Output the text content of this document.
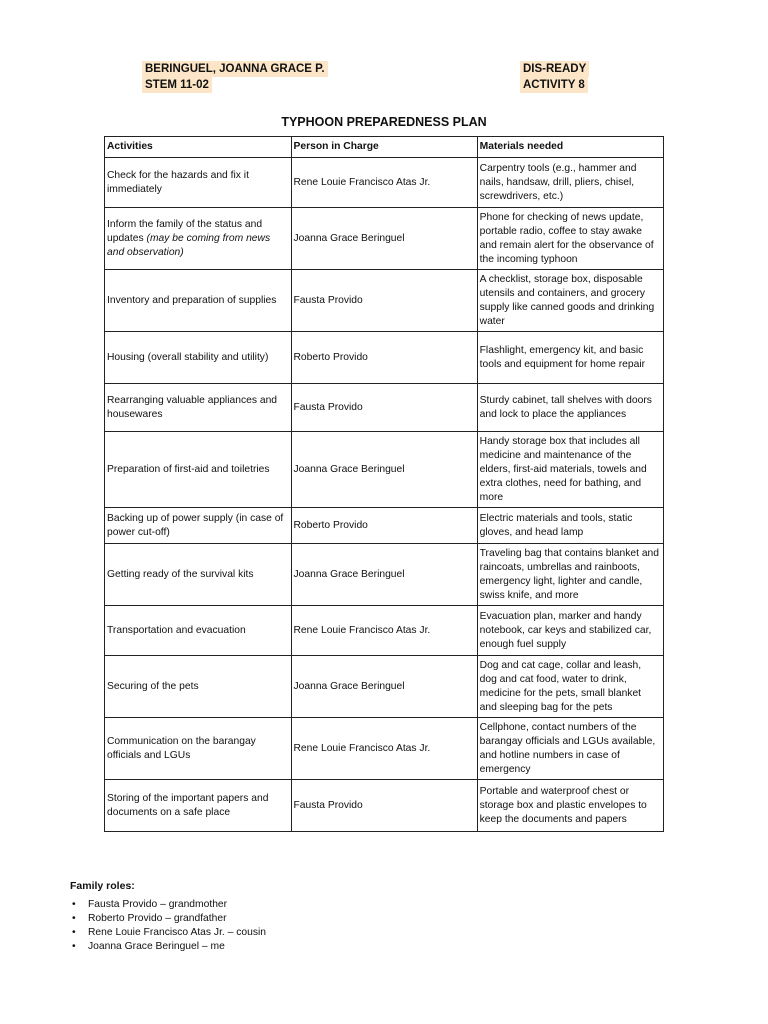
BERINGUEL, JOANNA GRACE P.
STEM 11-02
DIS-READY
ACTIVITY 8
TYPHOON PREPAREDNESS PLAN
Activities	Person in Charge	Materials needed
Check for the hazards and fix it immediately	Rene Louie Francisco Atas Jr.	Carpentry tools (e.g., hammer and nails, handsaw, drill, pliers, chisel, screwdrivers, etc.)
Inform the family of the status and updates (may be coming from news and observation)	Joanna Grace Beringuel	Phone for checking of news update, portable radio, coffee to stay awake and remain alert for the observance of the incoming typhoon
Inventory and preparation of supplies	Fausta Provido	A checklist, storage box, disposable utensils and containers, and grocery supply like canned goods and drinking water
Housing (overall stability and utility)	Roberto Provido	Flashlight, emergency kit, and basic tools and equipment for home repair
Rearranging valuable appliances and housewares	Fausta Provido	Sturdy cabinet, tall shelves with doors and lock to place the appliances
Preparation of first-aid and toiletries	Joanna Grace Beringuel	Handy storage box that includes all medicine and maintenance of the elders, first-aid materials, towels and extra clothes, need for bathing, and more
Backing up of power supply (in case of power cut-off)	Roberto Provido	Electric materials and tools, static gloves, and head lamp
Getting ready of the survival kits	Joanna Grace Beringuel	Traveling bag that contains blanket and raincoats, umbrellas and rainboots, emergency light, lighter and candle, swiss knife, and more
Transportation and evacuation	Rene Louie Francisco Atas Jr.	Evacuation plan, marker and handy notebook, car keys and stabilized car, enough fuel supply
Securing of the pets	Joanna Grace Beringuel	Dog and cat cage, collar and leash, dog and cat food, water to drink, medicine for the pets, small blanket and sleeping bag for the pets
Communication on the barangay officials and LGUs	Rene Louie Francisco Atas Jr.	Cellphone, contact numbers of the barangay officials and LGUs available, and hotline numbers in case of emergency
Storing of the important papers and documents on a safe place	Fausta Provido	Portable and waterproof chest or storage box and plastic envelopes to keep the documents and papers
Family roles:
• Fausta Provido – grandmother
• Roberto Provido – grandfather
• Rene Louie Francisco Atas Jr. – cousin
• Joanna Grace Beringuel – me
